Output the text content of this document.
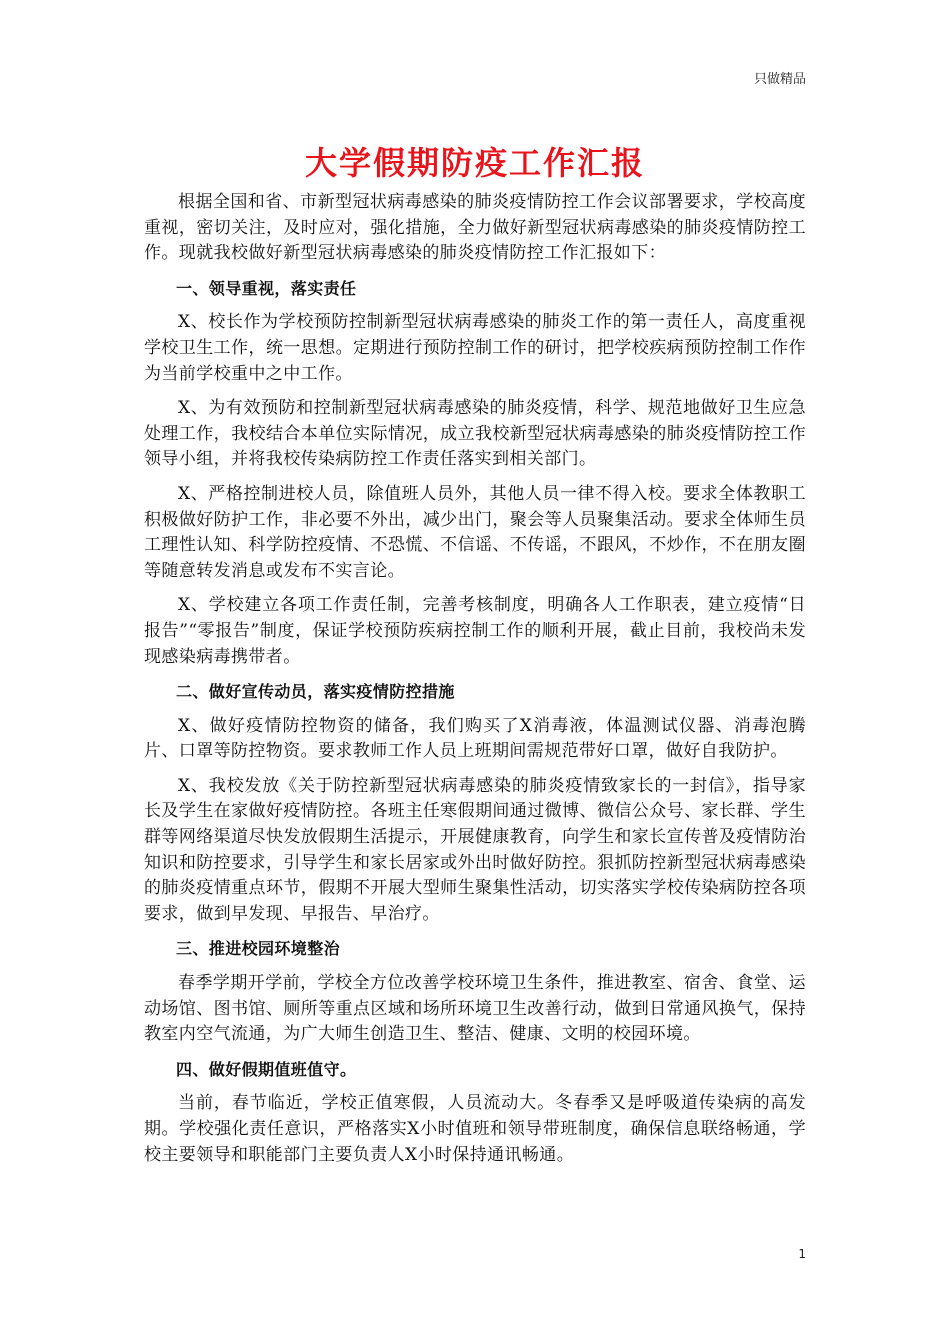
只做精品
大学假期防疫工作汇报

根据全国和省、市新型冠状病毒感染的肺炎疫情防控工作会议部署要求，学校高度重视，密切关注，及时应对，强化措施，全力做好新型冠状病毒感染的肺炎疫情防控工作。现就我校做好新型冠状病毒感染的肺炎疫情防控工作汇报如下：

一、领导重视，落实责任

X、校长作为学校预防控制新型冠状病毒感染的肺炎工作的第一责任人，高度重视学校卫生工作，统一思想。定期进行预防控制工作的研讨，把学校疾病预防控制工作作为当前学校重中之中工作。

X、为有效预防和控制新型冠状病毒感染的肺炎疫情，科学、规范地做好卫生应急处理工作，我校结合本单位实际情况，成立我校新型冠状病毒感染的肺炎疫情防控工作领导小组，并将我校传染病防控工作责任落实到相关部门。

X、严格控制进校人员，除值班人员外，其他人员一律不得入校。要求全体教职工积极做好防护工作，非必要不外出，减少出门，聚会等人员聚集活动。要求全体师生员工理性认知、科学防控疫情、不恐慌、不信谣、不传谣，不跟风，不炒作，不在朋友圈等随意转发消息或发布不实言论。

X、学校建立各项工作责任制，完善考核制度，明确各人工作职表，建立疫情“日报告”“零报告”制度，保证学校预防疾病控制工作的顺利开展，截止目前，我校尚未发现感染病毒携带者。

二、做好宣传动员，落实疫情防控措施

X、做好疫情防控物资的储备，我们购买了X消毒液，体温测试仪器、消毒泡腾片、口罩等防控物资。要求教师工作人员上班期间需规范带好口罩，做好自我防护。

X、我校发放《关于防控新型冠状病毒感染的肺炎疫情致家长的一封信》，指导家长及学生在家做好疫情防控。各班主任寒假期间通过微博、微信公众号、家长群、学生群等网络渠道尽快发放假期生活提示，开展健康教育，向学生和家长宣传普及疫情防治知识和防控要求，引导学生和家长居家或外出时做好防控。狠抓防控新型冠状病毒感染的肺炎疫情重点环节，假期不开展大型师生聚集性活动，切实落实学校传染病防控各项要求，做到早发现、早报告、早治疗。

三、推进校园环境整治

春季学期开学前，学校全方位改善学校环境卫生条件，推进教室、宿舍、食堂、运动场馆、图书馆、厕所等重点区域和场所环境卫生改善行动，做到日常通风换气，保持教室内空气流通，为广大师生创造卫生、整洁、健康、文明的校园环境。

四、做好假期值班值守。

当前，春节临近，学校正值寒假，人员流动大。冬春季又是呼吸道传染病的高发期。学校强化责任意识，严格落实X小时值班和领导带班制度，确保信息联络畅通，学校主要领导和职能部门主要负责人X小时保持通讯畅通。

1
